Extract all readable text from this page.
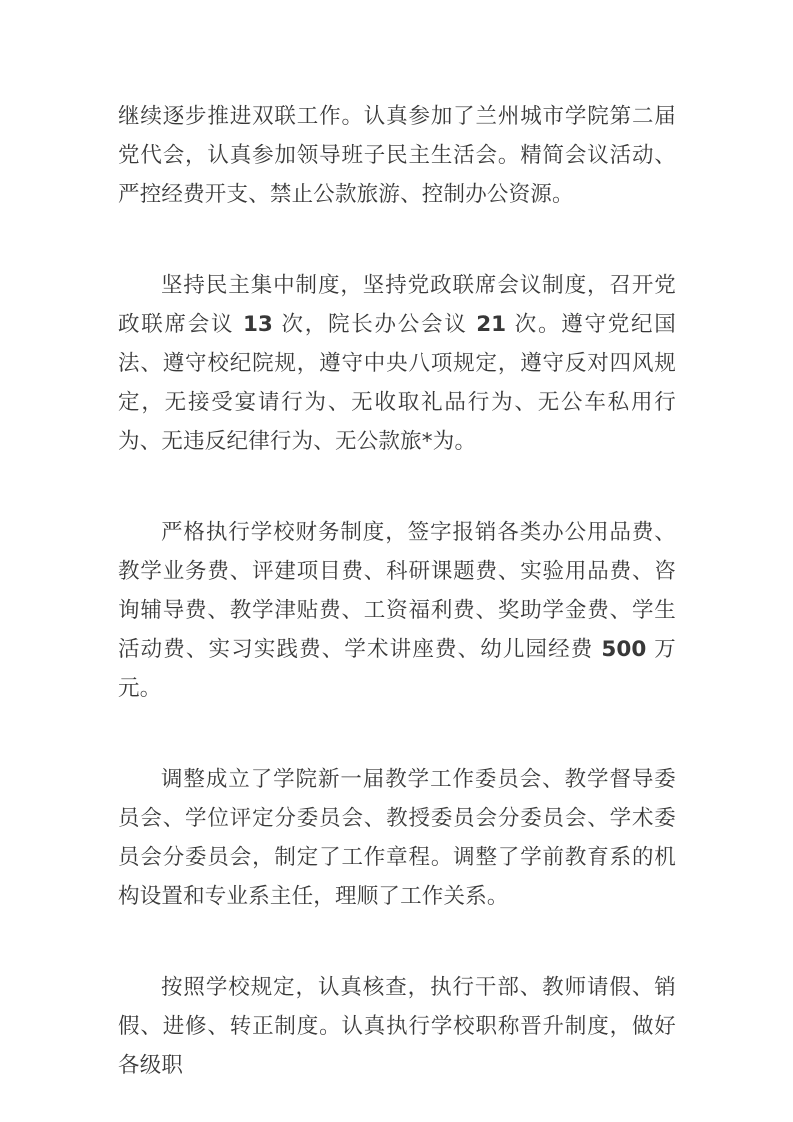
继续逐步推进双联工作。认真参加了兰州城市学院第二届党代会，认真参加领导班子民主生活会。精简会议活动、严控经费开支、禁止公款旅游、控制办公资源。

坚持民主集中制度，坚持党政联席会议制度，召开党政联席会议 13 次，院长办公会议 21 次。遵守党纪国法、遵守校纪院规，遵守中央八项规定，遵守反对四风规定，无接受宴请行为、无收取礼品行为、无公车私用行为、无违反纪律行为、无公款旅*为。

严格执行学校财务制度，签字报销各类办公用品费、教学业务费、评建项目费、科研课题费、实验用品费、咨询辅导费、教学津贴费、工资福利费、奖助学金费、学生活动费、实习实践费、学术讲座费、幼儿园经费 500 万元。

调整成立了学院新一届教学工作委员会、教学督导委员会、学位评定分委员会、教授委员会分委员会、学术委员会分委员会，制定了工作章程。调整了学前教育系的机构设置和专业系主任，理顺了工作关系。

按照学校规定，认真核查，执行干部、教师请假、销假、进修、转正制度。认真执行学校职称晋升制度，做好各级职
